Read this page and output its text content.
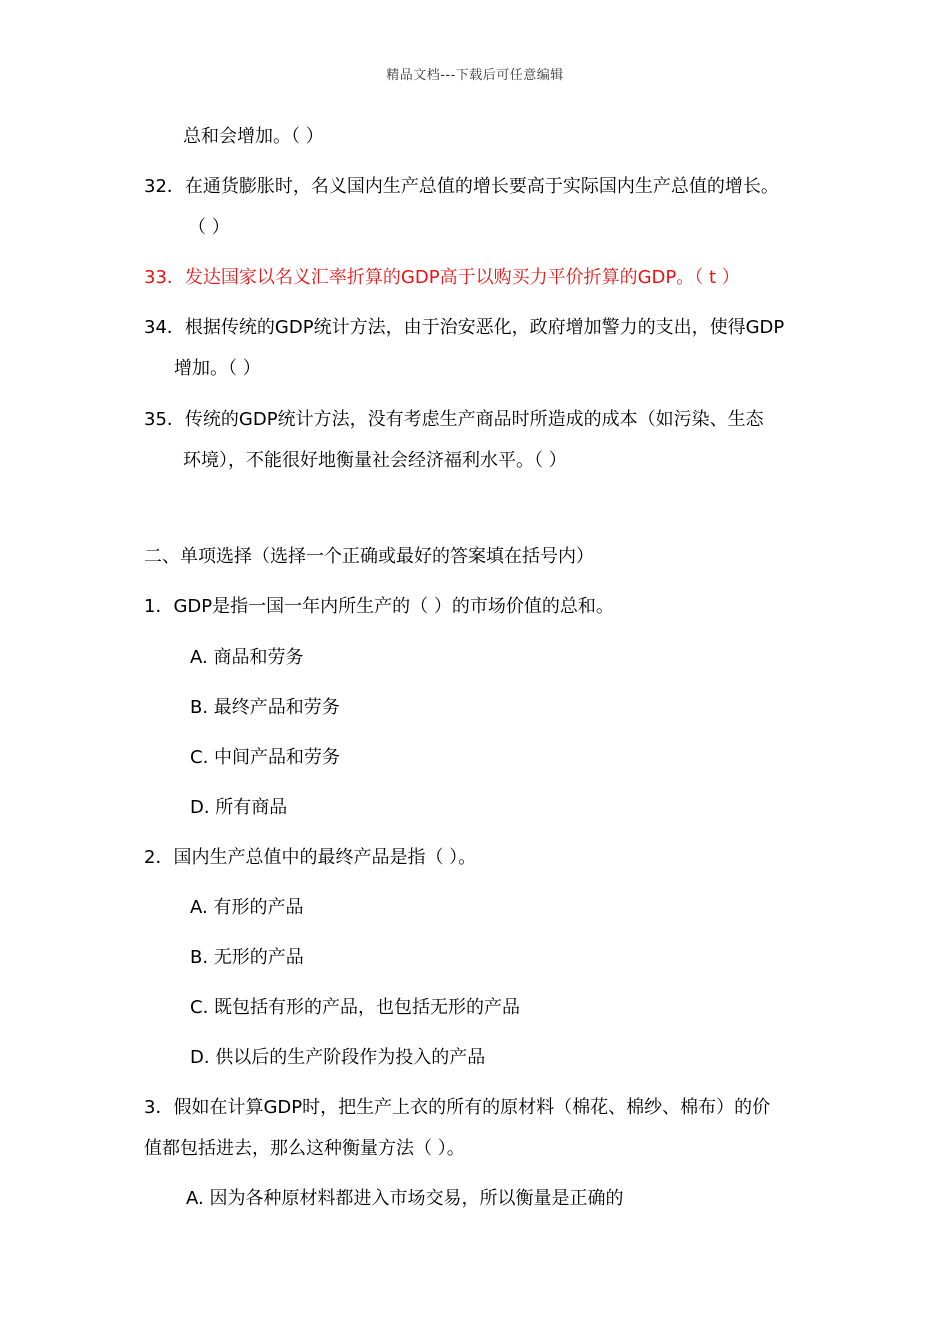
精品文档---下载后可任意编辑
总和会增加。（ ）
32．在通货膨胀时，名义国内生产总值的增长要高于实际国内生产总值的增长。
（ ）
33．发达国家以名义汇率折算的GDP高于以购买力平价折算的GDP。（ t ）
34．根据传统的GDP统计方法，由于治安恶化，政府增加警力的支出，使得GDP
增加。（ ）
35．传统的GDP统计方法，没有考虑生产商品时所造成的成本（如污染、生态
环境），不能很好地衡量社会经济福利水平。（ ）
二、单项选择（选择一个正确或最好的答案填在括号内）
1．GDP是指一国一年内所生产的（ ）的市场价值的总和。
A. 商品和劳务
B. 最终产品和劳务
C. 中间产品和劳务
D. 所有商品
2．国内生产总值中的最终产品是指（ ）。
A. 有形的产品
B. 无形的产品
C. 既包括有形的产品，也包括无形的产品
D. 供以后的生产阶段作为投入的产品
3．假如在计算GDP时，把生产上衣的所有的原材料（棉花、棉纱、棉布）的价
值都包括进去，那么这种衡量方法（ ）。
A. 因为各种原材料都进入市场交易，所以衡量是正确的
